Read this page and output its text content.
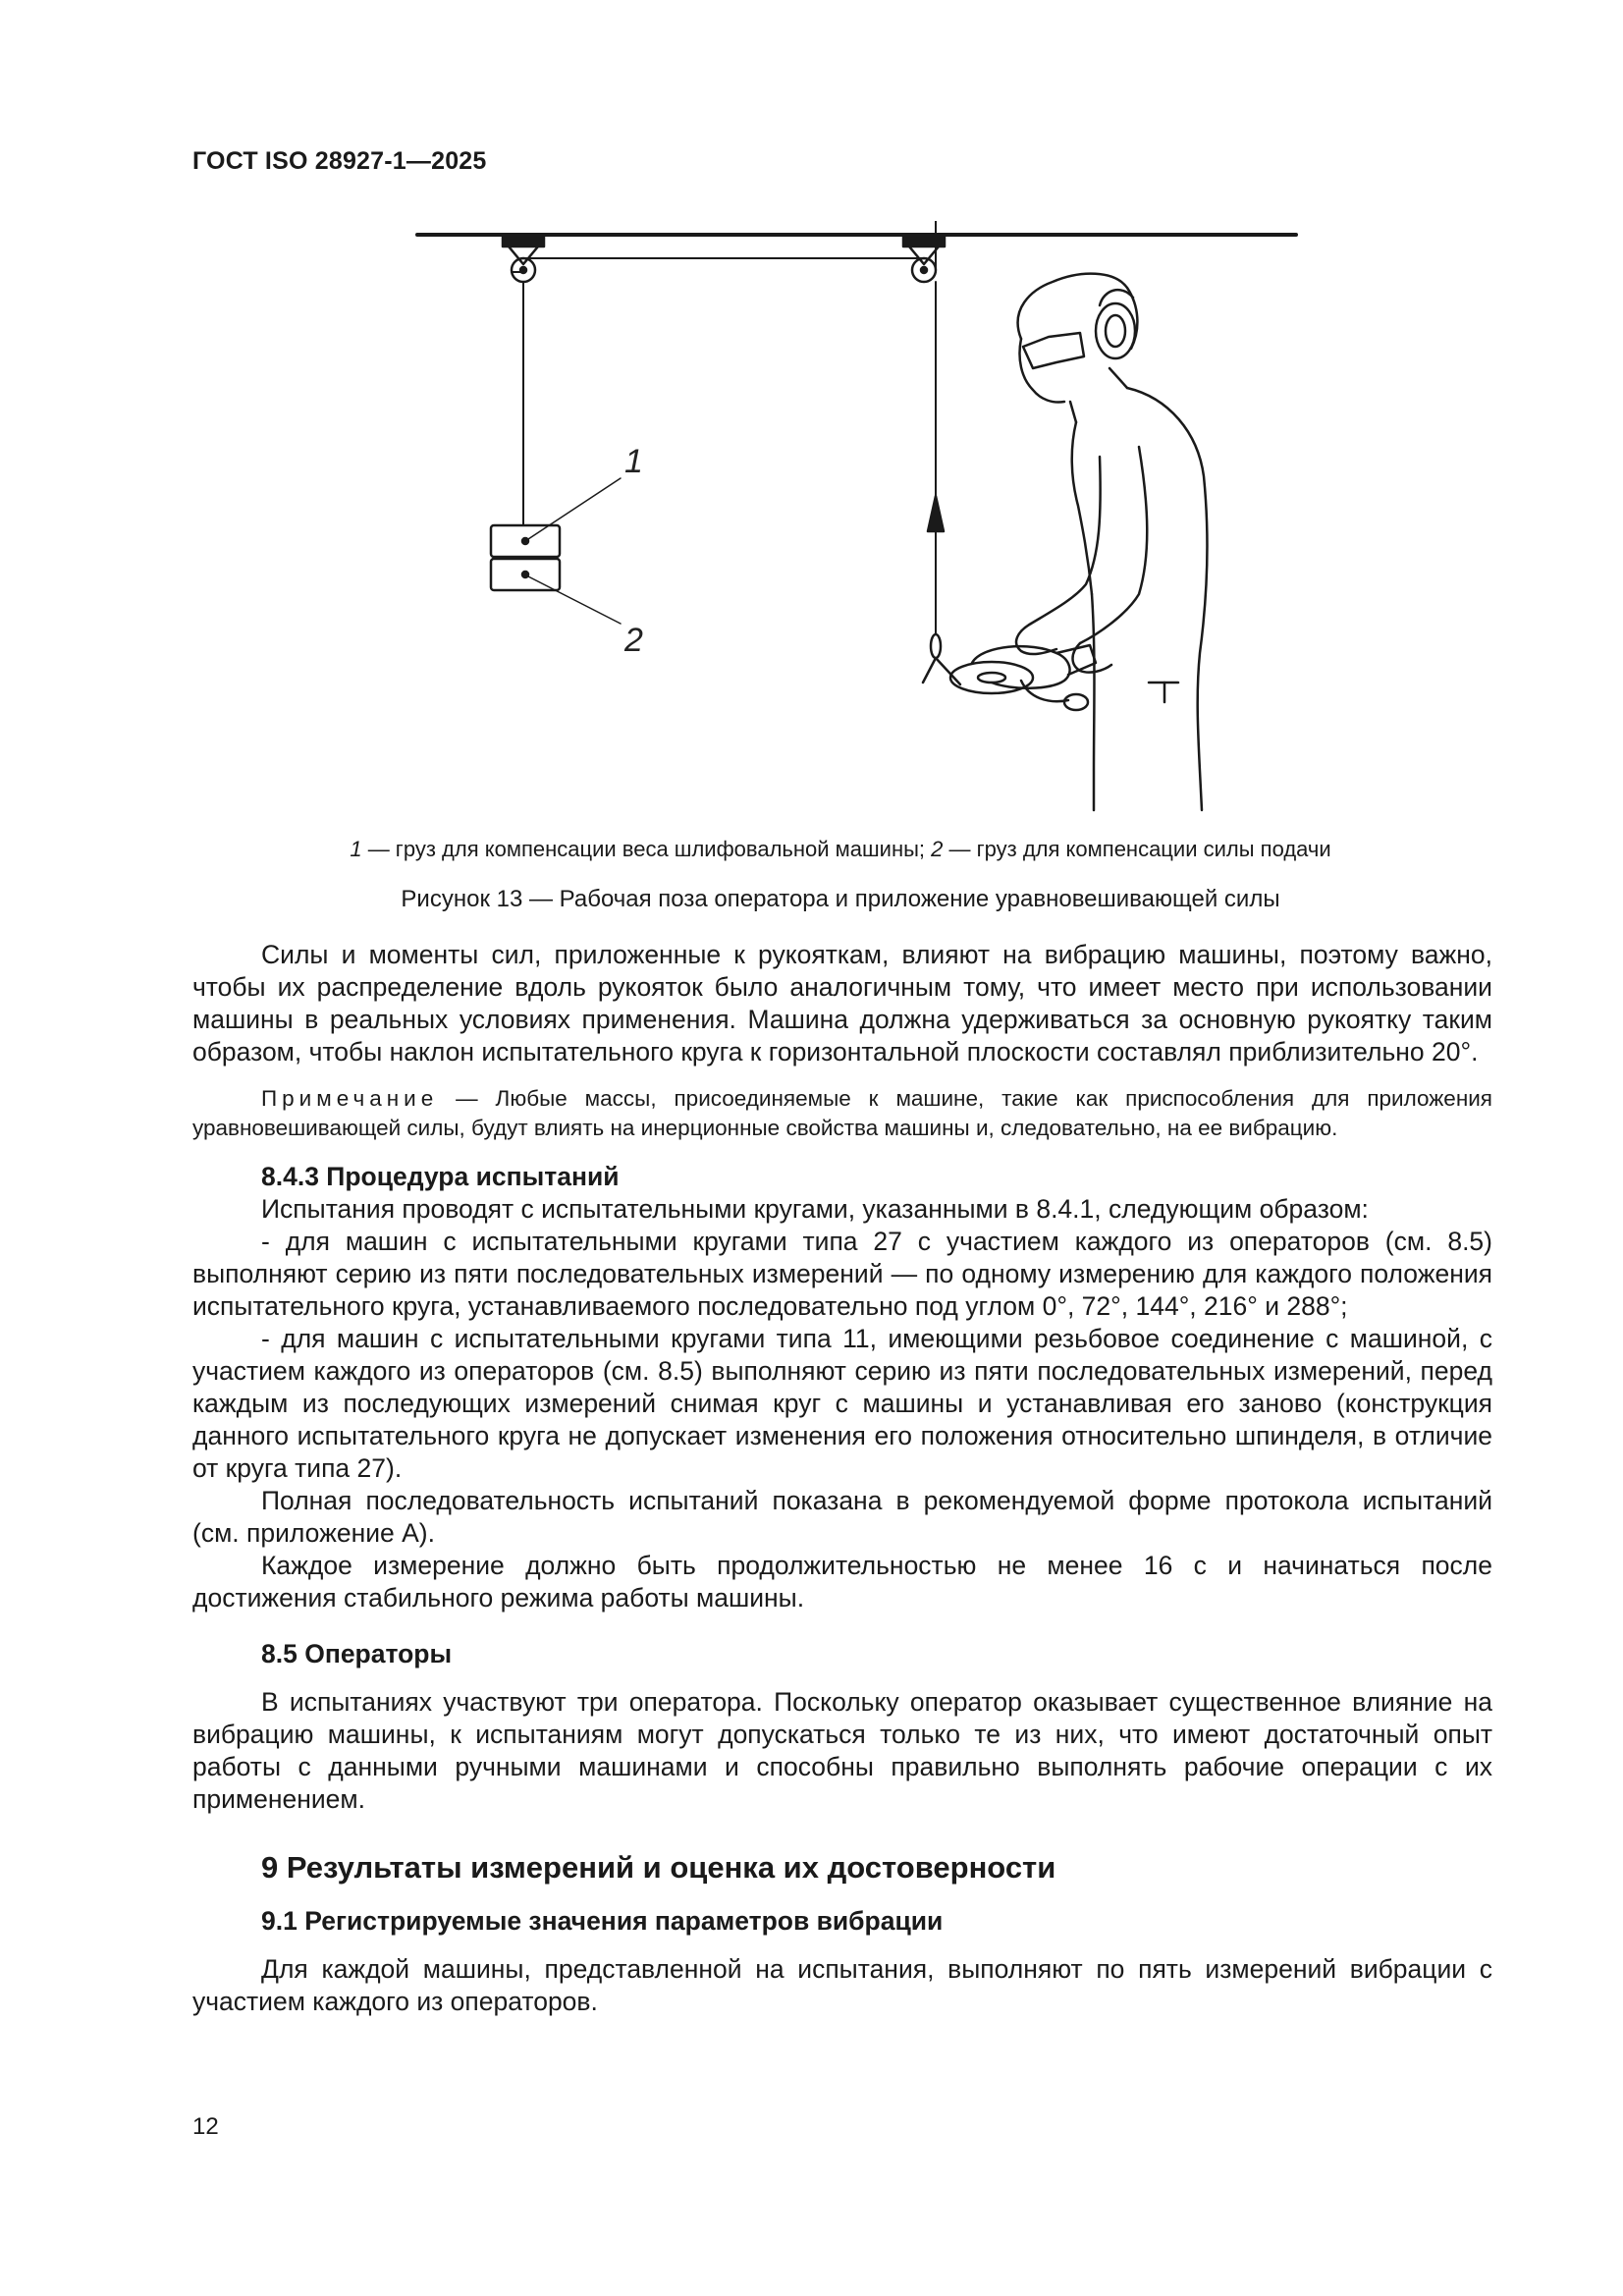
ГОСТ ISO 28927-1—2025
1
2
1 — груз для компенсации веса шлифовальной машины; 2 — груз для компенсации силы подачи
Рисунок 13 — Рабочая поза оператора и приложение уравновешивающей силы

Силы и моменты сил, приложенные к рукояткам, влияют на вибрацию машины, поэтому важно, чтобы их распределение вдоль рукояток было аналогичным тому, что имеет место при использовании машины в реальных условиях применения. Машина должна удерживаться за основную рукоятку таким образом, чтобы наклон испытательного круга к горизонтальной плоскости составлял приблизительно 20°.

Примечание — Любые массы, присоединяемые к машине, такие как приспособления для приложения уравновешивающей силы, будут влиять на инерционные свойства машины и, следовательно, на ее вибрацию.

8.4.3 Процедура испытаний

Испытания проводят с испытательными кругами, указанными в 8.4.1, следующим образом:

- для машин с испытательными кругами типа 27 с участием каждого из операторов (см. 8.5) выполняют серию из пяти последовательных измерений — по одному измерению для каждого положения испытательного круга, устанавливаемого последовательно под углом 0°, 72°, 144°, 216° и 288°;

- для машин с испытательными кругами типа 11, имеющими резьбовое соединение с машиной, с участием каждого из операторов (см. 8.5) выполняют серию из пяти последовательных измерений, перед каждым из последующих измерений снимая круг с машины и устанавливая его заново (конструкция данного испытательного круга не допускает изменения его положения относительно шпинделя, в отличие от круга типа 27).

Полная последовательность испытаний показана в рекомендуемой форме протокола испытаний (см. приложение А).

Каждое измерение должно быть продолжительностью не менее 16 с и начинаться после достижения стабильного режима работы машины.

8.5 Операторы

В испытаниях участвуют три оператора. Поскольку оператор оказывает существенное влияние на вибрацию машины, к испытаниям могут допускаться только те из них, что имеют достаточный опыт работы с данными ручными машинами и способны правильно выполнять рабочие операции с их применением.

9 Результаты измерений и оценка их достоверности

9.1 Регистрируемые значения параметров вибрации

Для каждой машины, представленной на испытания, выполняют по пять измерений вибрации с участием каждого из операторов.

12
